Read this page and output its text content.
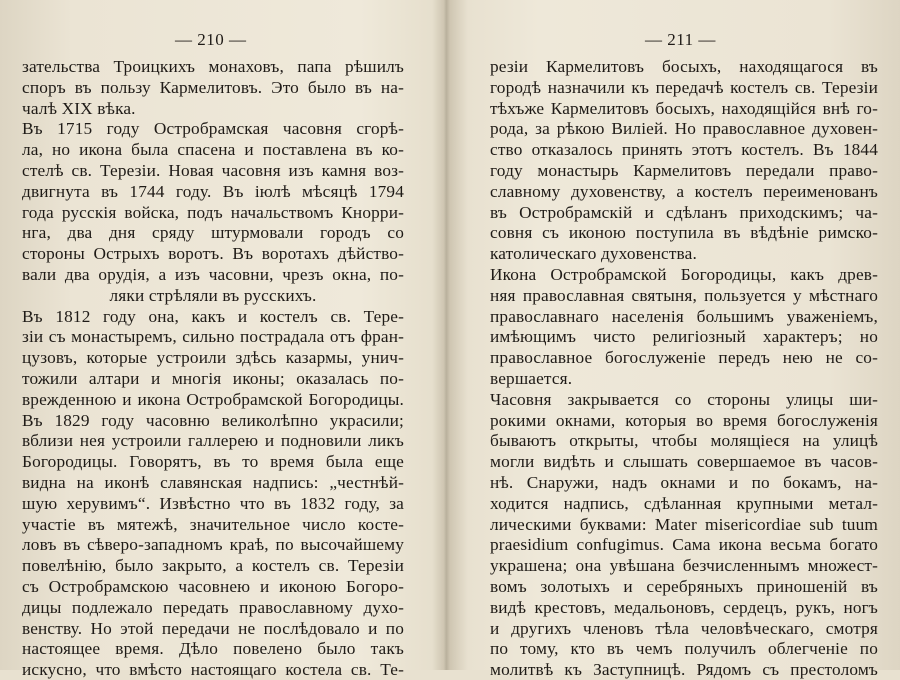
— 210 —
зательства Троицкихъ монаховъ, папа рѣшилъ
споръ въ пользу Кармелитовъ. Это было въ на-
чалѣ XIX вѣка.
Въ 1715 году Остробрамская часовня сгорѣ-
ла, но икона была спасена и поставлена въ ко-
стелѣ св. Терезіи. Новая часовня изъ камня воз-
двигнута въ 1744 году. Въ іюлѣ мѣсяцѣ 1794
года русскія войска, подъ начальствомъ Кнорри-
нга, два дня сряду штурмовали городъ со
стороны Острыхъ воротъ. Въ воротахъ дѣйство-
вали два орудія, а изъ часовни, чрезъ окна, по-
ляки стрѣляли въ русскихъ.
Въ 1812 году она, какъ и костелъ св. Тере-
зіи съ монастыремъ, сильно пострадала отъ фран-
цузовъ, которые устроили здѣсь казармы, унич-
тожили алтари и многія иконы; оказалась по-
врежденною и икона Остробрамской Богородицы.
Въ 1829 году часовню великолѣпно украсили;
вблизи нея устроили галлерею и подновили ликъ
Богородицы. Говорятъ, въ то время была еще
видна на иконѣ славянская надпись: „честнѣй-
шую херувимъ“. Извѣстно что въ 1832 году, за
участіе въ мятежѣ, значительное число косте-
ловъ въ сѣверо-западномъ краѣ, по высочайшему
повелѣнію, было закрыто, а костелъ св. Терезіи
съ Остробрамскою часовнею и иконою Богоро-
дицы подлежало передать православному духо-
венству. Но этой передачи не послѣдовало и по
настоящее время. Дѣло повелено было такъ
искусно, что вмѣсто настоящаго костела св. Те-
— 211 —
резіи Кармелитовъ босыхъ, находящагося въ
городѣ назначили къ передачѣ костелъ св. Терезіи
тѣхъже Кармелитовъ босыхъ, находящійся внѣ го-
рода, за рѣкою Виліей. Но православное духовен-
ство отказалось принять этотъ костелъ. Въ 1844
году монастырь Кармелитовъ передали право-
славному духовенству, а костелъ переименованъ
въ Остробрамскій и сдѣланъ приходскимъ; ча-
совня съ иконою поступила въ вѣдѣніе римско-
католическаго духовенства.
Икона Остробрамской Богородицы, какъ древ-
няя православная святыня, пользуется у мѣстнаго
православнаго населенія большимъ уваженіемъ,
имѣющимъ чисто религіозный характеръ; но
православное богослуженіе передъ нею не со-
вершается.
Часовня закрывается со стороны улицы ши-
рокими окнами, которыя во время богослуженія
бываютъ открыты, чтобы молящіеся на улицѣ
могли видѣть и слышать совершаемое въ часов-
нѣ. Снаружи, надъ окнами и по бокамъ, на-
ходится надпись, сдѣланная крупными метал-
лическими буквами: Mater misericordiae sub tuum
praesidium confugimus. Сама икона весьма богато
украшена; она увѣшана безчисленнымъ множест-
вомъ золотыхъ и серебряныхъ приношеній въ
видѣ крестовъ, медальоновъ, сердецъ, рукъ, ногъ
и другихъ членовъ тѣла человѣческаго, смотря
по тому, кто въ чемъ получилъ облегченіе по
молитвѣ къ Заступницѣ. Рядомъ съ престоломъ
